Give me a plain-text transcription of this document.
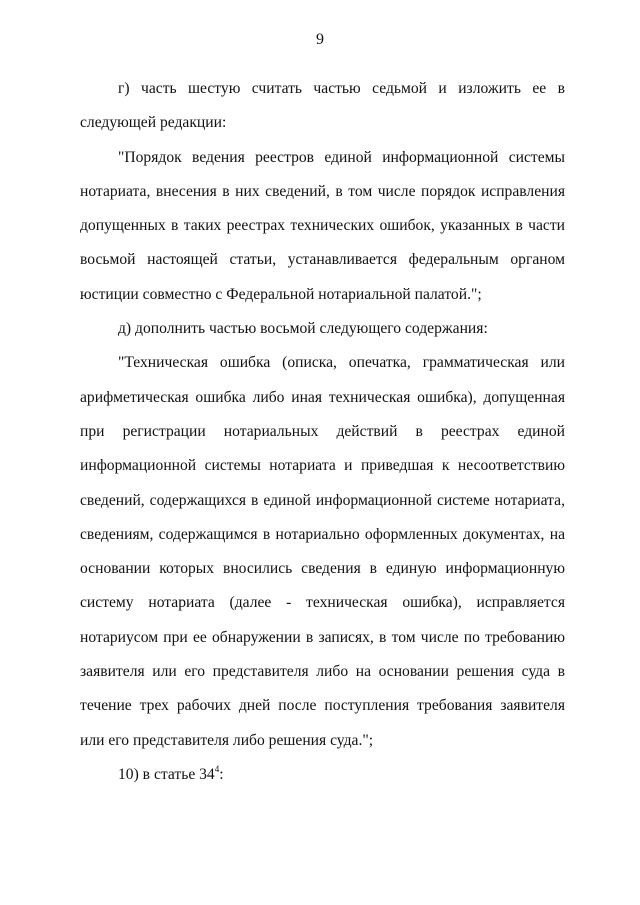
9

г) часть шестую считать частью седьмой и изложить ее в следующей редакции:

"Порядок ведения реестров единой информационной системы нотариата, внесения в них сведений, в том числе порядок исправления допущенных в таких реестрах технических ошибок, указанных в части восьмой настоящей статьи, устанавливается федеральным органом юстиции совместно с Федеральной нотариальной палатой.";

д) дополнить частью восьмой следующего содержания:

"Техническая ошибка (описка, опечатка, грамматическая или арифметическая ошибка либо иная техническая ошибка), допущенная при регистрации нотариальных действий в реестрах единой информационной системы нотариата и приведшая к несоответствию сведений, содержащихся в единой информационной системе нотариата, сведениям, содержащимся в нотариально оформленных документах, на основании которых вносились сведения в единую информационную систему нотариата (далее - техническая ошибка), исправляется нотариусом при ее обнаружении в записях, в том числе по требованию заявителя или его представителя либо на основании решения суда в течение трех рабочих дней после поступления требования заявителя или его представителя либо решения суда.";

10) в статье $34^4$:
